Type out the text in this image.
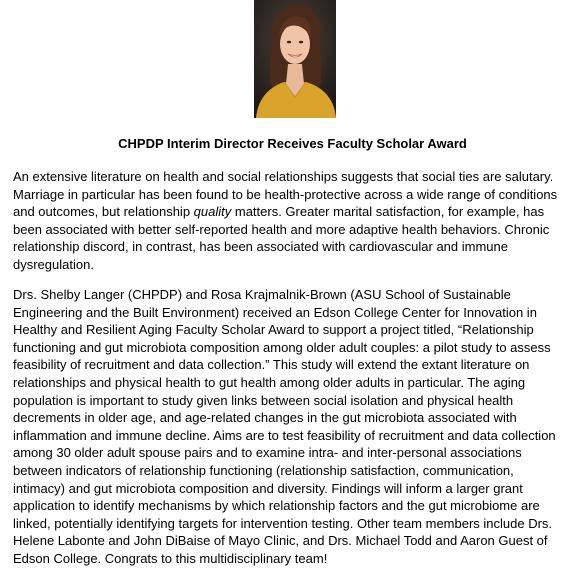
CHPDP Interim Director Receives Faculty Scholar Award

An extensive literature on health and social relationships suggests that social ties are salutary.
Marriage in particular has been found to be health-protective across a wide range of conditions
and outcomes, but relationship quality matters. Greater marital satisfaction, for example, has
been associated with better self-reported health and more adaptive health behaviors. Chronic
relationship discord, in contrast, has been associated with cardiovascular and immune
dysregulation.

Drs. Shelby Langer (CHPDP) and Rosa Krajmalnik-Brown (ASU School of Sustainable
Engineering and the Built Environment) received an Edson College Center for Innovation in
Healthy and Resilient Aging Faculty Scholar Award to support a project titled, “Relationship
functioning and gut microbiota composition among older adult couples: a pilot study to assess
feasibility of recruitment and data collection.” This study will extend the extant literature on
relationships and physical health to gut health among older adults in particular. The aging
population is important to study given links between social isolation and physical health
decrements in older age, and age-related changes in the gut microbiota associated with
inflammation and immune decline. Aims are to test feasibility of recruitment and data collection
among 30 older adult spouse pairs and to examine intra- and inter-personal associations
between indicators of relationship functioning (relationship satisfaction, communication,
intimacy) and gut microbiota composition and diversity. Findings will inform a larger grant
application to identify mechanisms by which relationship factors and the gut microbiome are
linked, potentially identifying targets for intervention testing. Other team members include Drs.
Helene Labonte and John DiBaise of Mayo Clinic, and Drs. Michael Todd and Aaron Guest of
Edson College. Congrats to this multidisciplinary team!
